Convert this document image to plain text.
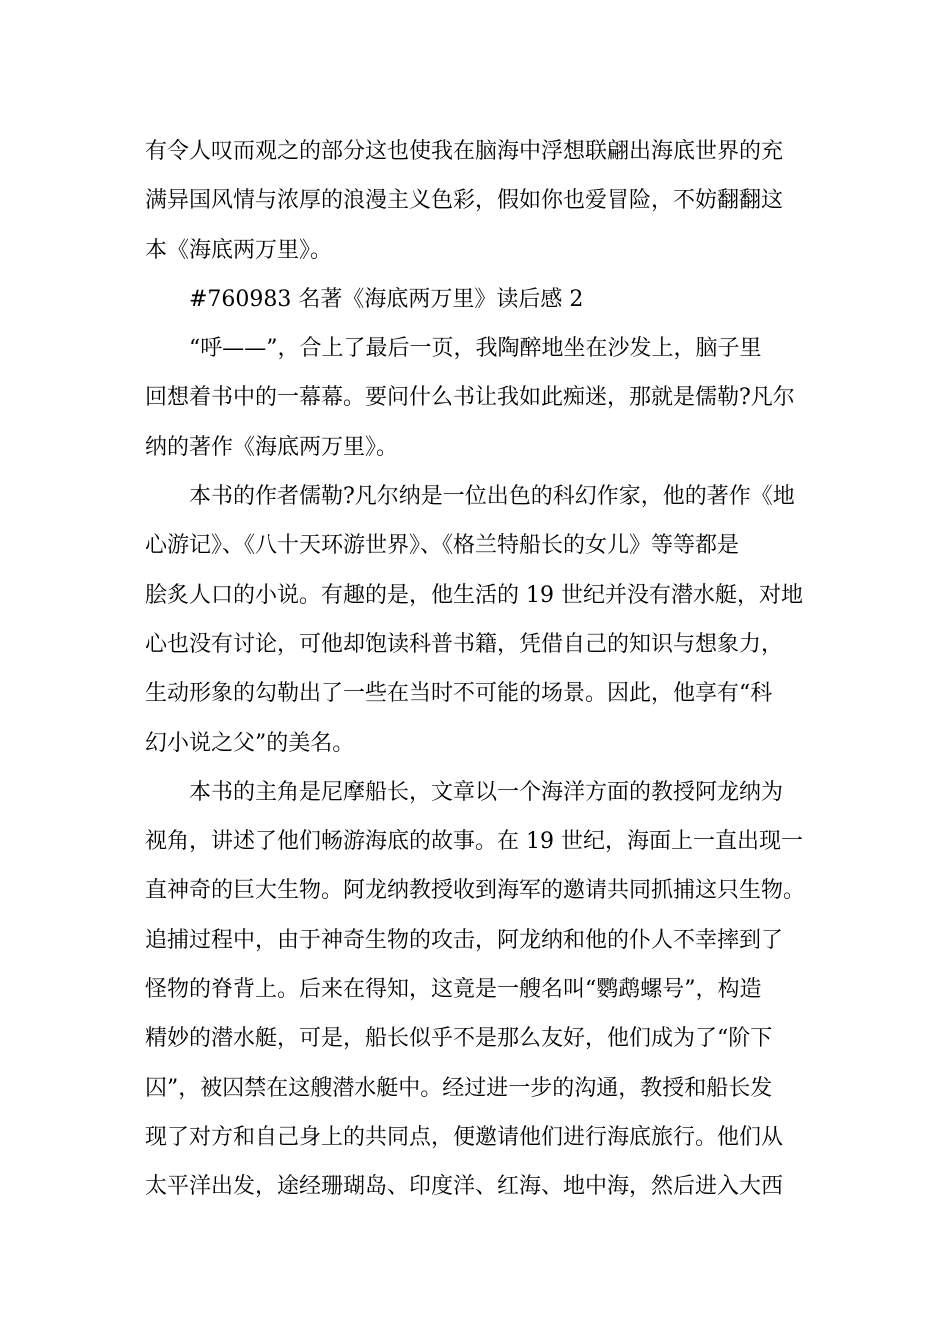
有令人叹而观之的部分这也使我在脑海中浮想联翩出海底世界的充
满异国风情与浓厚的浪漫主义色彩，假如你也爱冒险，不妨翻翻这
本《海底两万里》。
#760983 名著《海底两万里》读后感 2
“呼——”，合上了最后一页，我陶醉地坐在沙发上，脑子里
回想着书中的一幕幕。要问什么书让我如此痴迷，那就是儒勒?凡尔
纳的著作《海底两万里》。
本书的作者儒勒?凡尔纳是一位出色的科幻作家，他的著作《地
心游记》、《八十天环游世界》、《格兰特船长的女儿》等等都是
脍炙人口的小说。有趣的是，他生活的 19 世纪并没有潜水艇，对地
心也没有讨论，可他却饱读科普书籍，凭借自己的知识与想象力，
生动形象的勾勒出了一些在当时不可能的场景。因此，他享有“科
幻小说之父”的美名。
本书的主角是尼摩船长，文章以一个海洋方面的教授阿龙纳为
视角，讲述了他们畅游海底的故事。在 19 世纪，海面上一直出现一
直神奇的巨大生物。阿龙纳教授收到海军的邀请共同抓捕这只生物。
追捕过程中，由于神奇生物的攻击，阿龙纳和他的仆人不幸摔到了
怪物的脊背上。后来在得知，这竟是一艘名叫“鹦鹉螺号”，构造
精妙的潜水艇，可是，船长似乎不是那么友好，他们成为了“阶下
囚”，被囚禁在这艘潜水艇中。经过进一步的沟通，教授和船长发
现了对方和自己身上的共同点，便邀请他们进行海底旅行。他们从
太平洋出发，途经珊瑚岛、印度洋、红海、地中海，然后进入大西
